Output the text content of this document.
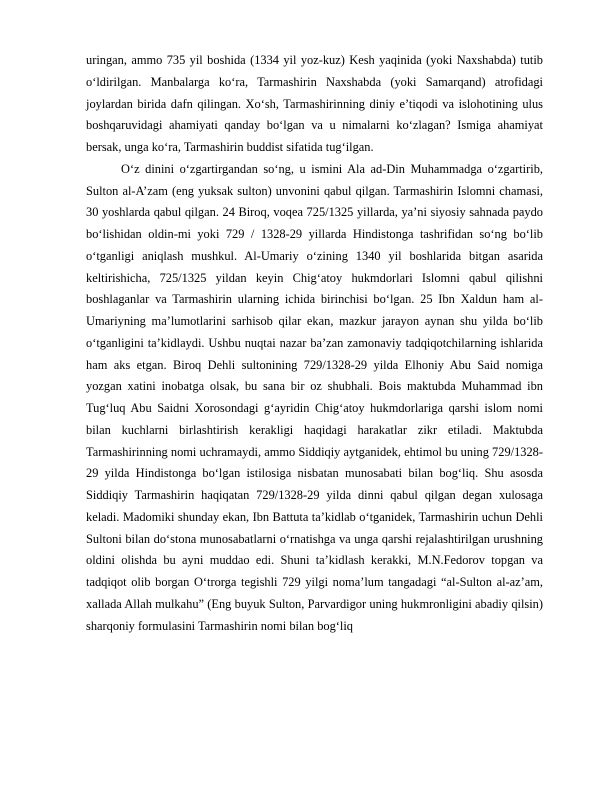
uringan, ammo 735 yil boshida (1334 yil yoz-kuz) Kesh yaqinida (yoki Naxshabda) tutib o‘ldirilgan. Manbalarga ko‘ra, Tarmashirin Naxshabda (yoki Samarqand) atrofidagi joylardan birida dafn qilingan. Xo‘sh, Tarmashirinning diniy e’tiqodi va islohotining ulus boshqaruvidagi ahamiyati qanday bo‘lgan va u nimalarni ko‘zlagan? Ismiga ahamiyat bersak, unga ko‘ra, Tarmashirin buddist sifatida tug‘ilgan.

O‘z dinini o‘zgartirgandan so‘ng, u ismini Ala ad-Din Muhammadga o‘zgartirib, Sulton al-A’zam (eng yuksak sulton) unvonini qabul qilgan. Tarmashirin Islomni chamasi, 30 yoshlarda qabul qilgan. 24 Biroq, voqea 725/1325 yillarda, ya’ni siyosiy sahnada paydo bo‘lishidan oldin-mi yoki 729 / 1328-29 yillarda Hindistonga tashrifidan so‘ng bo‘lib o‘tganligi aniqlash mushkul. Al-Umariy o‘zining 1340 yil boshlarida bitgan asarida keltirishicha, 725/1325 yildan keyin Chig‘atoy hukmdorlari Islomni qabul qilishni boshlaganlar va Tarmashirin ularning ichida birinchisi bo‘lgan. 25 Ibn Xaldun ham al-Umariyning ma’lumotlarini sarhisob qilar ekan, mazkur jarayon aynan shu yilda bo‘lib o‘tganligini ta’kidlaydi. Ushbu nuqtai nazar ba’zan zamonaviy tadqiqotchilarning ishlarida ham aks etgan. Biroq Dehli sultonining 729/1328-29 yilda Elhoniy Abu Said nomiga yozgan xatini inobatga olsak, bu sana bir oz shubhali. Bois maktubda Muhammad ibn Tug‘luq Abu Saidni Xorosondagi g‘ayridin Chig‘atoy hukmdorlariga qarshi islom nomi bilan kuchlarni birlashtirish kerakligi haqidagi harakatlar zikr etiladi. Maktubda Tarmashirinning nomi uchramaydi, ammo Siddiqiy aytganidek, ehtimol bu uning 729/1328-29 yilda Hindistonga bo‘lgan istilosiga nisbatan munosabati bilan bog‘liq. Shu asosda Siddiqiy Tarmashirin haqiqatan 729/1328-29 yilda dinni qabul qilgan degan xulosaga keladi. Madomiki shunday ekan, Ibn Battuta ta’kidlab o‘tganidek, Tarmashirin uchun Dehli Sultoni bilan do‘stona munosabatlarni o‘rnatishga va unga qarshi rejalashtirilgan urushning oldini olishda bu ayni muddao edi. Shuni ta’kidlash kerakki, M.N.Fedorov topgan va tadqiqot olib borgan O‘trorga tegishli 729 yilgi noma’lum tangadagi “al-Sulton al-az’am, xallada Allah mulkahu” (Eng buyuk Sulton, Parvardigor uning hukmronligini abadiy qilsin) sharqoniy formulasini Tarmashirin nomi bilan bog‘liq
